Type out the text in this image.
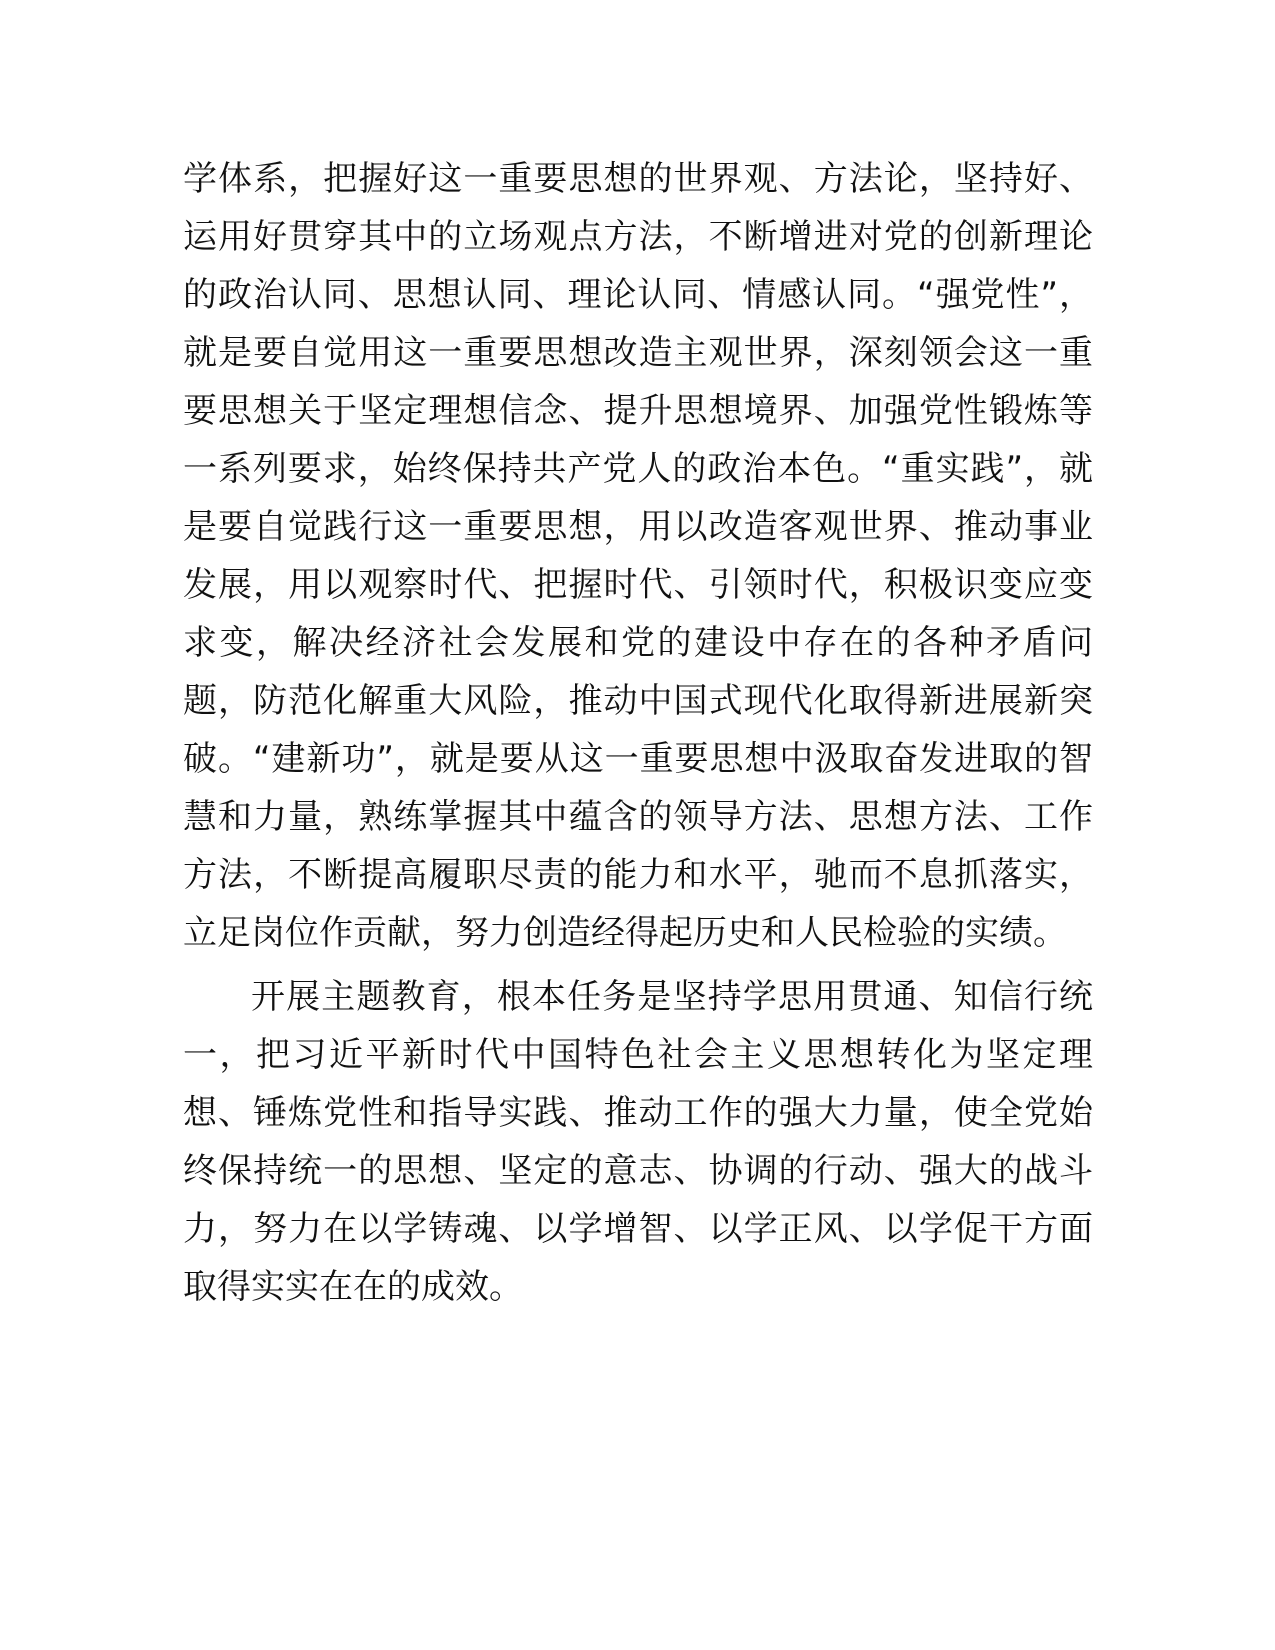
学体系，把握好这一重要思想的世界观、方法论，坚持好、运用好贯穿其中的立场观点方法，不断增进对党的创新理论的政治认同、思想认同、理论认同、情感认同。“强党性”，就是要自觉用这一重要思想改造主观世界，深刻领会这一重要思想关于坚定理想信念、提升思想境界、加强党性锻炼等一系列要求，始终保持共产党人的政治本色。“重实践”，就是要自觉践行这一重要思想，用以改造客观世界、推动事业发展，用以观察时代、把握时代、引领时代，积极识变应变求变，解决经济社会发展和党的建设中存在的各种矛盾问题，防范化解重大风险，推动中国式现代化取得新进展新突破。“建新功”，就是要从这一重要思想中汲取奋发进取的智慧和力量，熟练掌握其中蕴含的领导方法、思想方法、工作方法，不断提高履职尽责的能力和水平，驰而不息抓落实，立足岗位作贡献，努力创造经得起历史和人民检验的实绩。

开展主题教育，根本任务是坚持学思用贯通、知信行统一，把习近平新时代中国特色社会主义思想转化为坚定理想、锤炼党性和指导实践、推动工作的强大力量，使全党始终保持统一的思想、坚定的意志、协调的行动、强大的战斗力，努力在以学铸魂、以学增智、以学正风、以学促干方面取得实实在在的成效。
